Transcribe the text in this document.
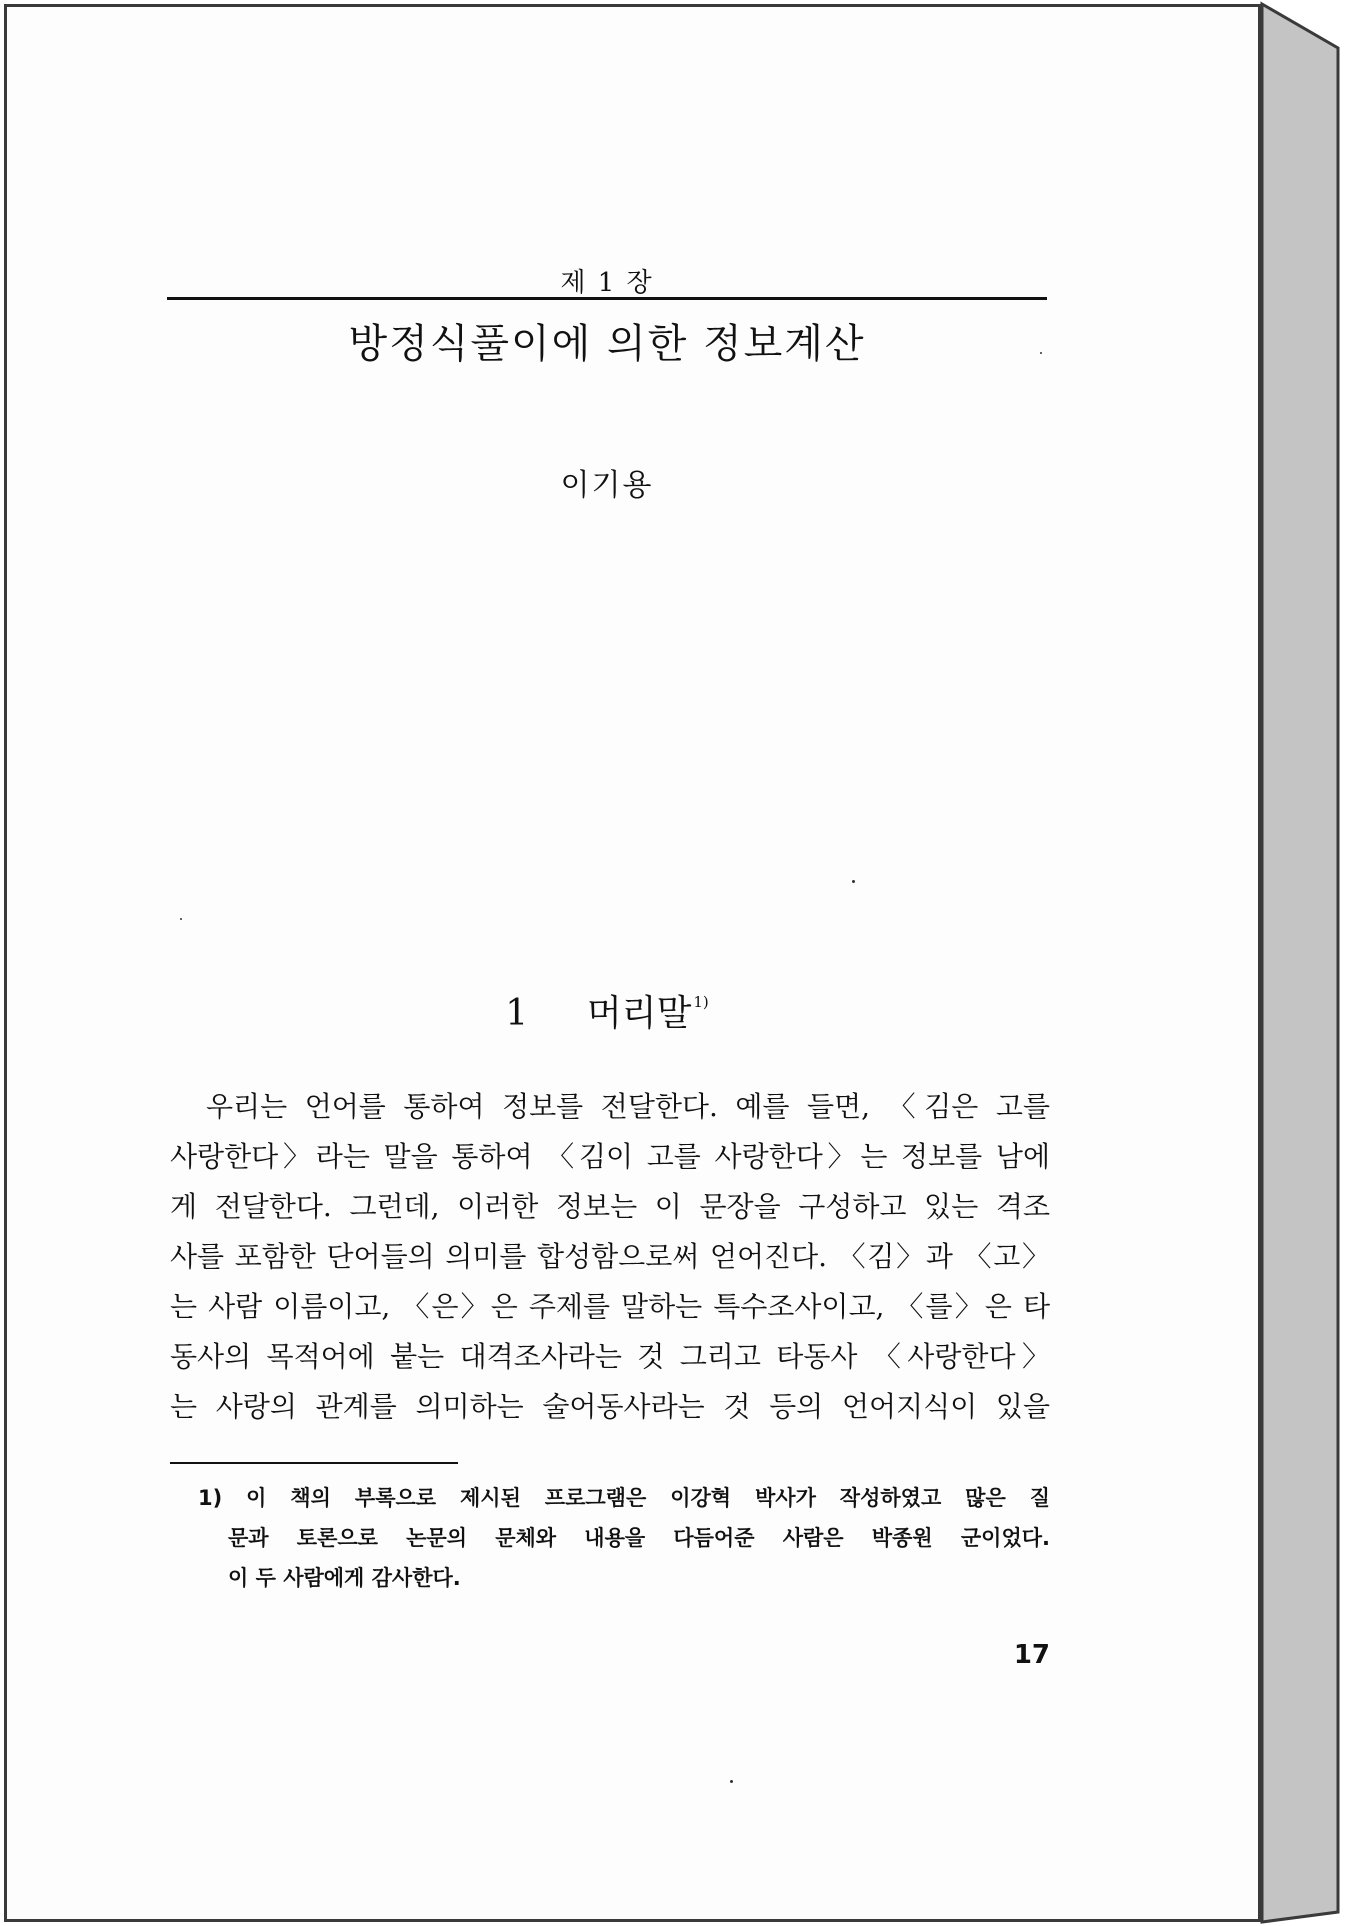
제 1 장
방정식풀이에 의한 정보계산
이기용
1   머리말 $^{1)}$
우리는 언어를 통하여 정보를 전달한다. 예를 들면, 〈김은 고를
사랑한다〉라는 말을 통하여 〈김이 고를 사랑한다〉는 정보를 남에
게 전달한다. 그런데, 이러한 정보는 이 문장을 구성하고 있는 격조
사를 포함한 단어들의 의미를 합성함으로써 얻어진다. 〈김〉과 〈고〉
는 사람 이름이고, 〈은〉은 주제를 말하는 특수조사이고, 〈를〉은 타
동사의 목적어에 붙는 대격조사라는 것 그리고 타동사 〈사랑한다〉
는 사랑의 관계를 의미하는 술어동사라는 것 등의 언어지식이 있을
1) 이 책의 부록으로 제시된 프로그램은 이강혁 박사가 작성하였고 많은 질
문과 토론으로 논문의 문체와 내용을 다듬어준 사람은 박종원 군이었다.
이 두 사람에게 감사한다.
17
